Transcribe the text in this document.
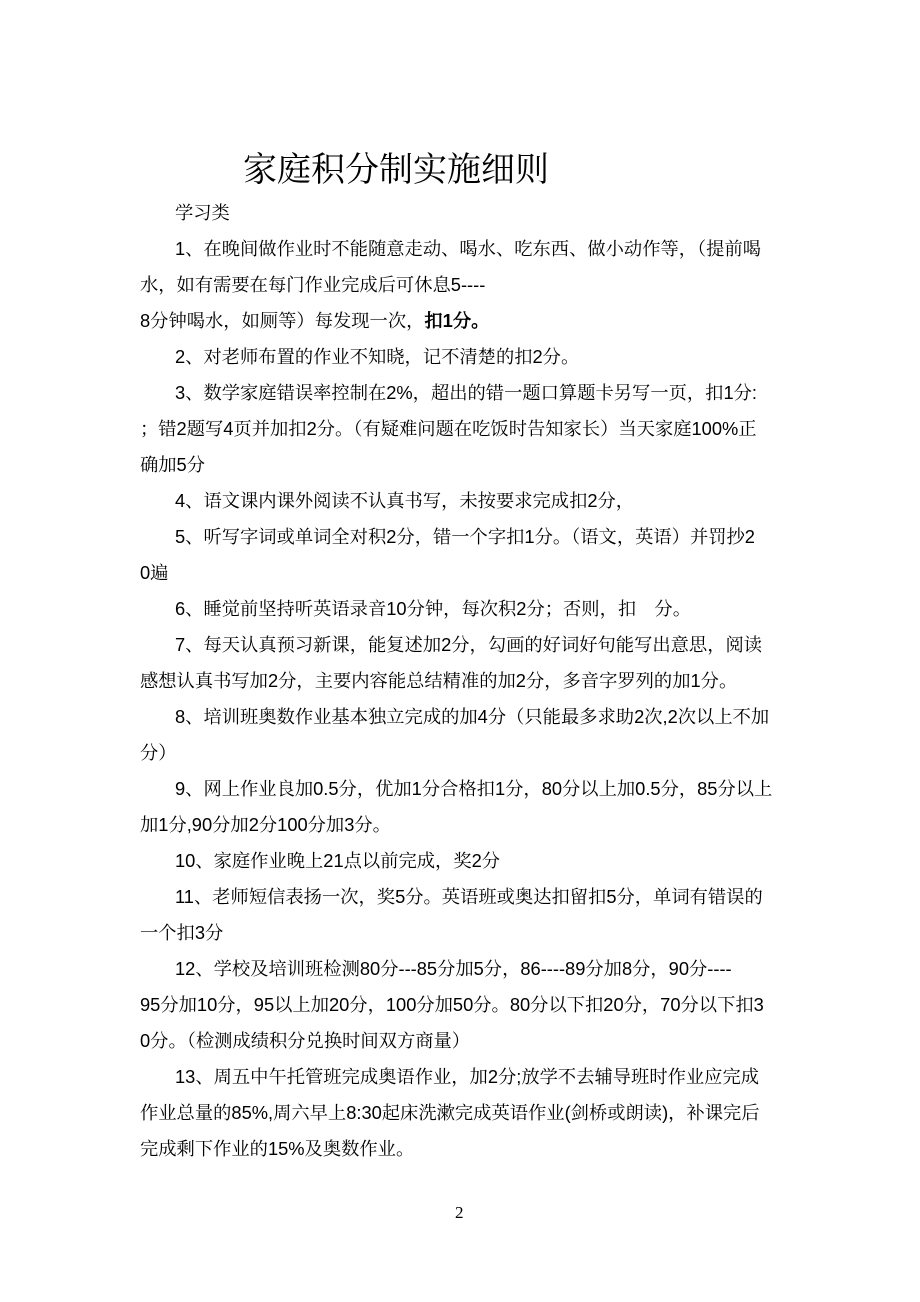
家庭积分制实施细则
学习类
1、在晚间做作业时不能随意走动、喝水、吃东西、做小动作等，（提前喝
水，如有需要在每门作业完成后可休息5----
8分钟喝水，如厕等）每发现一次，扣1分。
2、对老师布置的作业不知晓，记不清楚的扣2分。
3、数学家庭错误率控制在2%，超出的错一题口算题卡另写一页，扣1分:
；错2题写4页并加扣2分。（有疑难问题在吃饭时告知家长）当天家庭100%正
确加5分
4、语文课内课外阅读不认真书写，未按要求完成扣2分，
5、听写字词或单词全对积2分，错一个字扣1分。（语文，英语）并罚抄2
0遍
6、睡觉前坚持听英语录音10分钟，每次积2分；否则，扣　分。
7、每天认真预习新课，能复述加2分，勾画的好词好句能写出意思，阅读
感想认真书写加2分，主要内容能总结精准的加2分，多音字罗列的加1分。
8、培训班奥数作业基本独立完成的加4分（只能最多求助2次,2次以上不加
分）
9、网上作业良加0.5分，优加1分合格扣1分，80分以上加0.5分，85分以上
加1分,90分加2分100分加3分。
10、家庭作业晚上21点以前完成，奖2分
11、老师短信表扬一次，奖5分。英语班或奥达扣留扣5分，单词有错误的
一个扣3分
12、学校及培训班检测80分---85分加5分，86----89分加8分，90分----
95分加10分，95以上加20分，100分加50分。80分以下扣20分，70分以下扣3
0分。（检测成绩积分兑换时间双方商量）
13、周五中午托管班完成奥语作业，加2分;放学不去辅导班时作业应完成
作业总量的85%,周六早上8:30起床洗漱完成英语作业(剑桥或朗读)，补课完后
完成剩下作业的15%及奥数作业。
2
